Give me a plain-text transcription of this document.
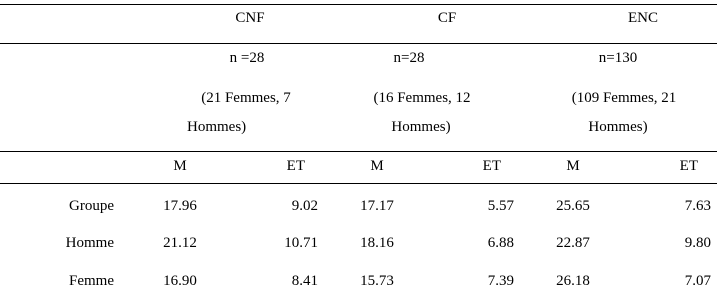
CNF	CF	ENC
n =28	n=28	n=130
(21 Femmes, 7	(16 Femmes, 12	(109 Femmes, 21
Hommes)	Hommes)	Hommes)
M	ET	M	ET	M	ET
Groupe	17.96	9.02	17.17	5.57	25.65	7.63
Homme	21.12	10.71	18.16	6.88	22.87	9.80
Femme	16.90	8.41	15.73	7.39	26.18	7.07
